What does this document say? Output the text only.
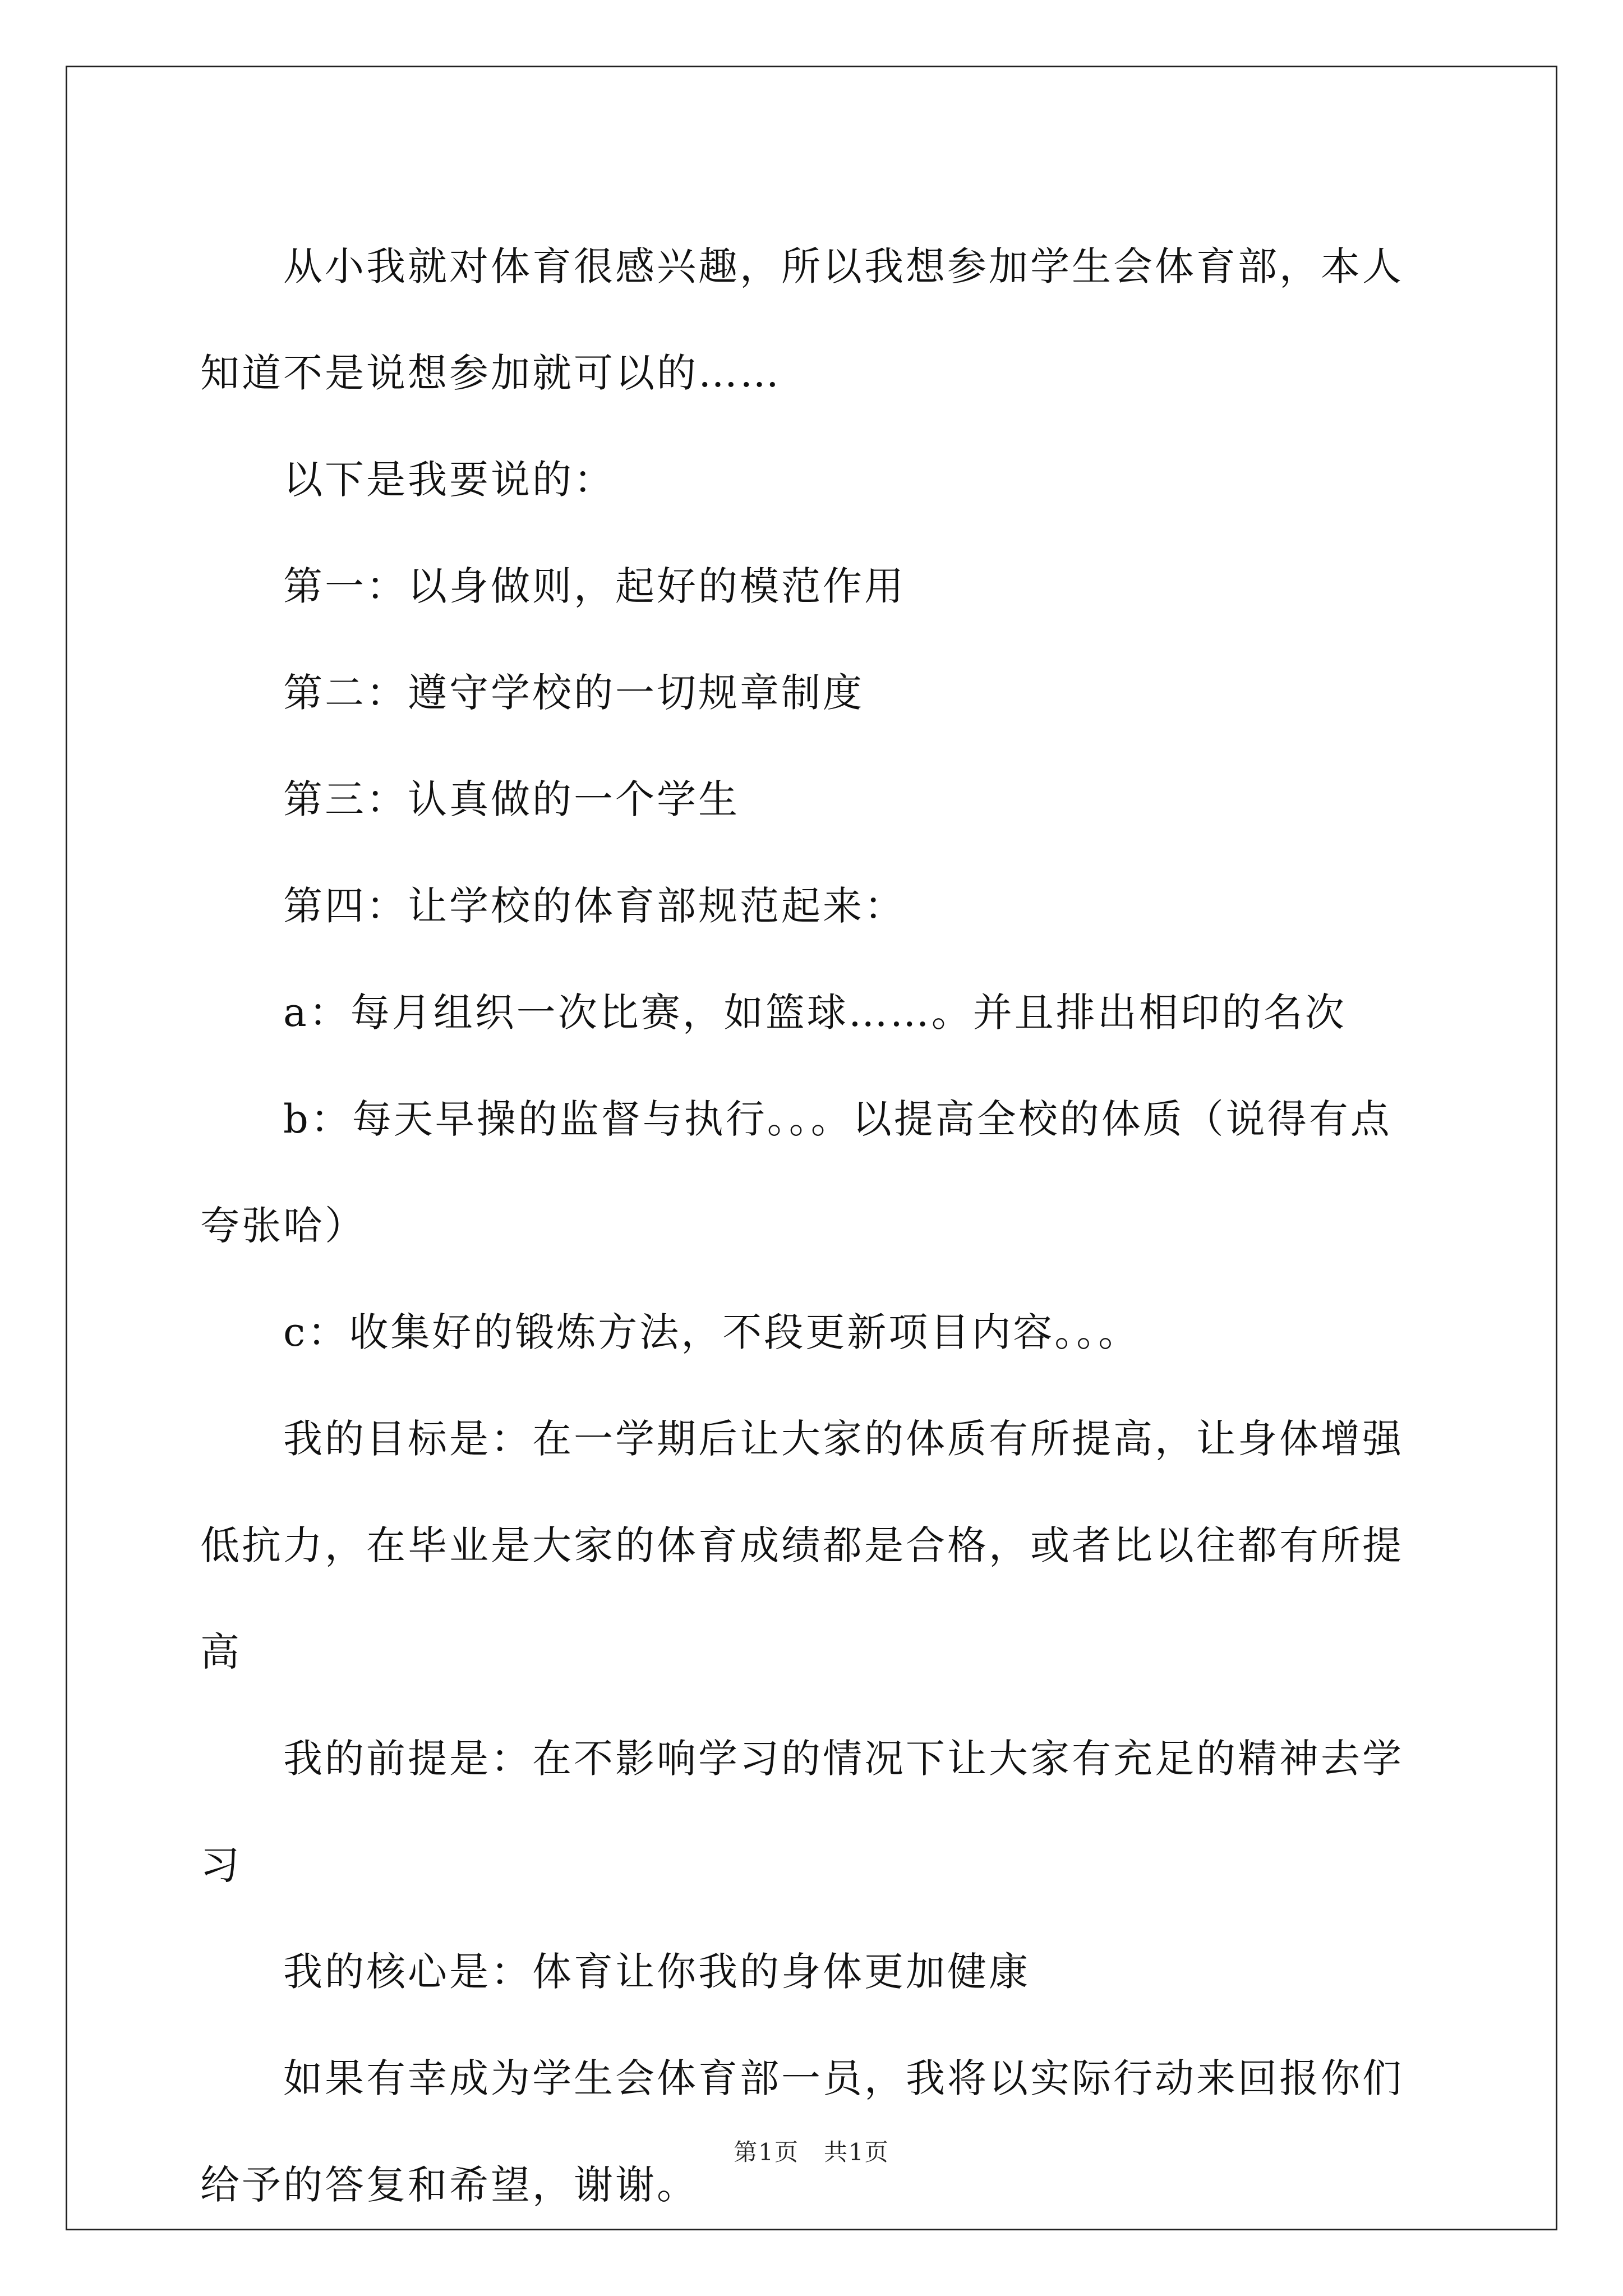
从小我就对体育很感兴趣，所以我想参加学生会体育部，本人知道不是说想参加就可以的……

以下是我要说的：

第一：以身做则，起好的模范作用

第二：遵守学校的一切规章制度

第三：认真做的一个学生

第四：让学校的体育部规范起来：

a：每月组织一次比赛，如篮球……。并且排出相印的名次

b：每天早操的监督与执行。。。以提高全校的体质（说得有点夸张哈）

c：收集好的锻炼方法，不段更新项目内容。。。

我的目标是：在一学期后让大家的体质有所提高，让身体增强低抗力，在毕业是大家的体育成绩都是合格，或者比以往都有所提高

我的前提是：在不影响学习的情况下让大家有充足的精神去学习

我的核心是：体育让你我的身体更加健康

如果有幸成为学生会体育部一员，我将以实际行动来回报你们给予的答复和希望，谢谢。

第1页　共1页
